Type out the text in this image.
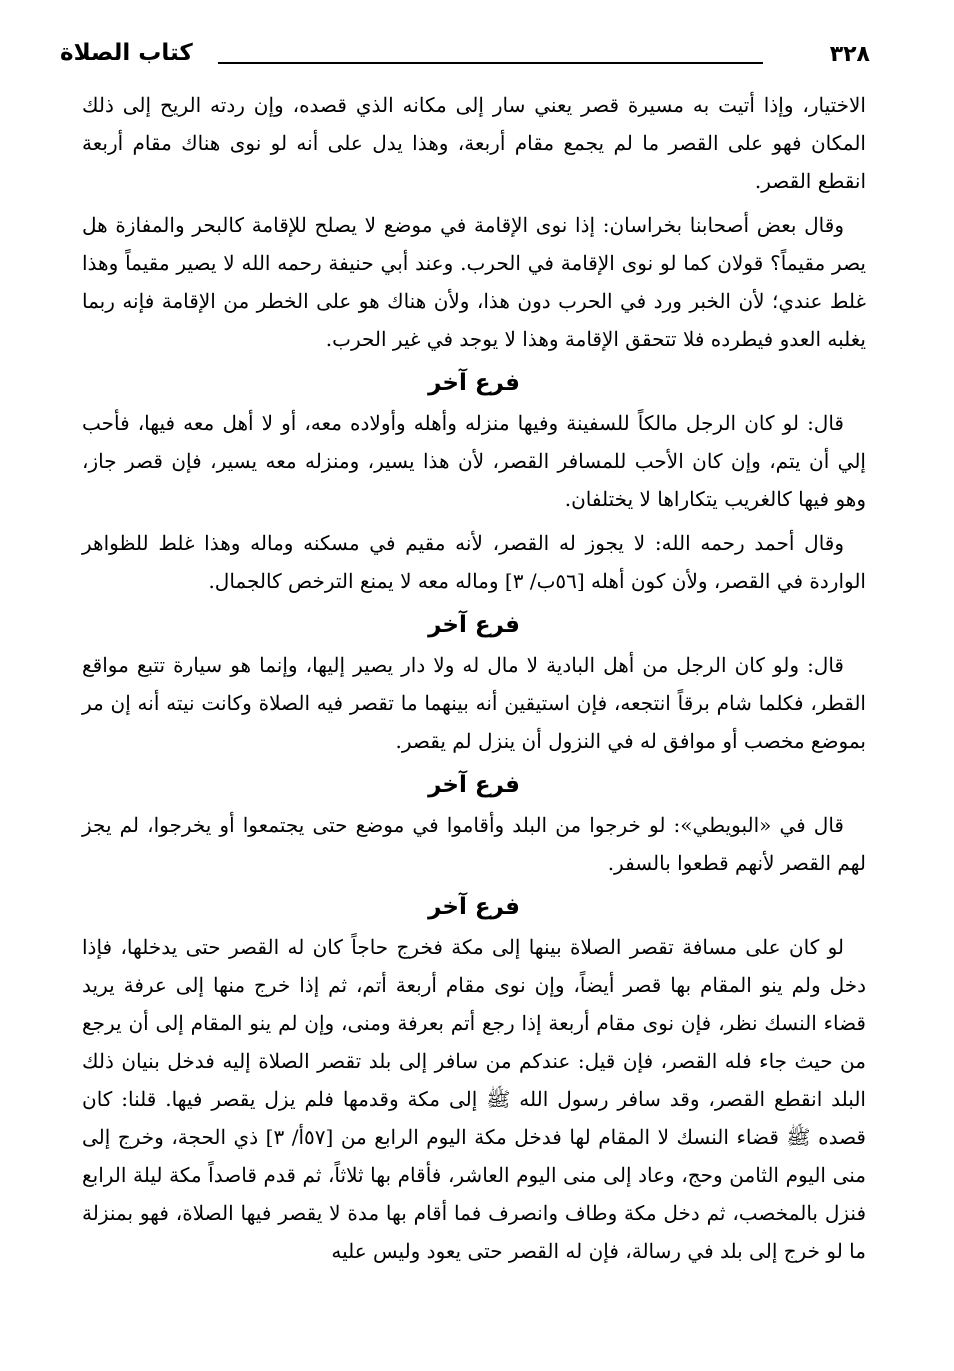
كتاب الصلاة	٣٢٨

الاختيار، وإذا أتيت به مسيرة قصر يعني سار إلى مكانه الذي قصده، وإن ردته الريح إلى ذلك المكان فهو على القصر ما لم يجمع مقام أربعة، وهذا يدل على أنه لو نوى هناك مقام أربعة انقطع القصر.

وقال بعض أصحابنا بخراسان: إذا نوى الإقامة في موضع لا يصلح للإقامة كالبحر والمفازة هل يصر مقيماً؟ قولان كما لو نوى الإقامة في الحرب. وعند أبي حنيفة رحمه الله لا يصير مقيماً وهذا غلط عندي؛ لأن الخبر ورد في الحرب دون هذا، ولأن هناك هو على الخطر من الإقامة فإنه ربما يغلبه العدو فيطرده فلا تتحقق الإقامة وهذا لا يوجد في غير الحرب.

فرع آخر

قال: لو كان الرجل مالكاً للسفينة وفيها منزله وأهله وأولاده معه، أو لا أهل معه فيها، فأحب إلي أن يتم، وإن كان الأحب للمسافر القصر، لأن هذا يسير، ومنزله معه يسير، فإن قصر جاز، وهو فيها كالغريب يتكاراها لا يختلفان.

وقال أحمد رحمه الله: لا يجوز له القصر، لأنه مقيم في مسكنه وماله وهذا غلط للظواهر الواردة في القصر، ولأن كون أهله [٥٦ب/ ٣] وماله معه لا يمنع الترخص كالجمال.

فرع آخر

قال: ولو كان الرجل من أهل البادية لا مال له ولا دار يصير إليها، وإنما هو سيارة تتبع مواقع القطر، فكلما شام برقاً انتجعه، فإن استيقين أنه بينهما ما تقصر فيه الصلاة وكانت نيته أنه إن مر بموضع مخصب أو موافق له في النزول أن ينزل لم يقصر.

فرع آخر

قال في «البويطي»: لو خرجوا من البلد وأقاموا في موضع حتى يجتمعوا أو يخرجوا، لم يجز لهم القصر لأنهم قطعوا بالسفر.

فرع آخر

لو كان على مسافة تقصر الصلاة بينها إلى مكة فخرج حاجاً كان له القصر حتى يدخلها، فإذا دخل ولم ينو المقام بها قصر أيضاً، وإن نوى مقام أربعة أتم، ثم إذا خرج منها إلى عرفة يريد قضاء النسك نظر، فإن نوى مقام أربعة إذا رجع أتم بعرفة ومنى، وإن لم ينو المقام إلى أن يرجع من حيث جاء فله القصر، فإن قيل: عندكم من سافر إلى بلد تقصر الصلاة إليه فدخل بنيان ذلك البلد انقطع القصر، وقد سافر رسول الله ﷺ إلى مكة وقدمها فلم يزل يقصر فيها. قلنا: كان قصده ﷺ قضاء النسك لا المقام لها فدخل مكة اليوم الرابع من [٥٧أ/ ٣] ذي الحجة، وخرج إلى منى اليوم الثامن وحج، وعاد إلى منى اليوم العاشر، فأقام بها ثلاثاً، ثم قدم قاصداً مكة ليلة الرابع فنزل بالمخصب، ثم دخل مكة وطاف وانصرف فما أقام بها مدة لا يقصر فيها الصلاة، فهو بمنزلة ما لو خرج إلى بلد في رسالة، فإن له القصر حتى يعود وليس عليه
